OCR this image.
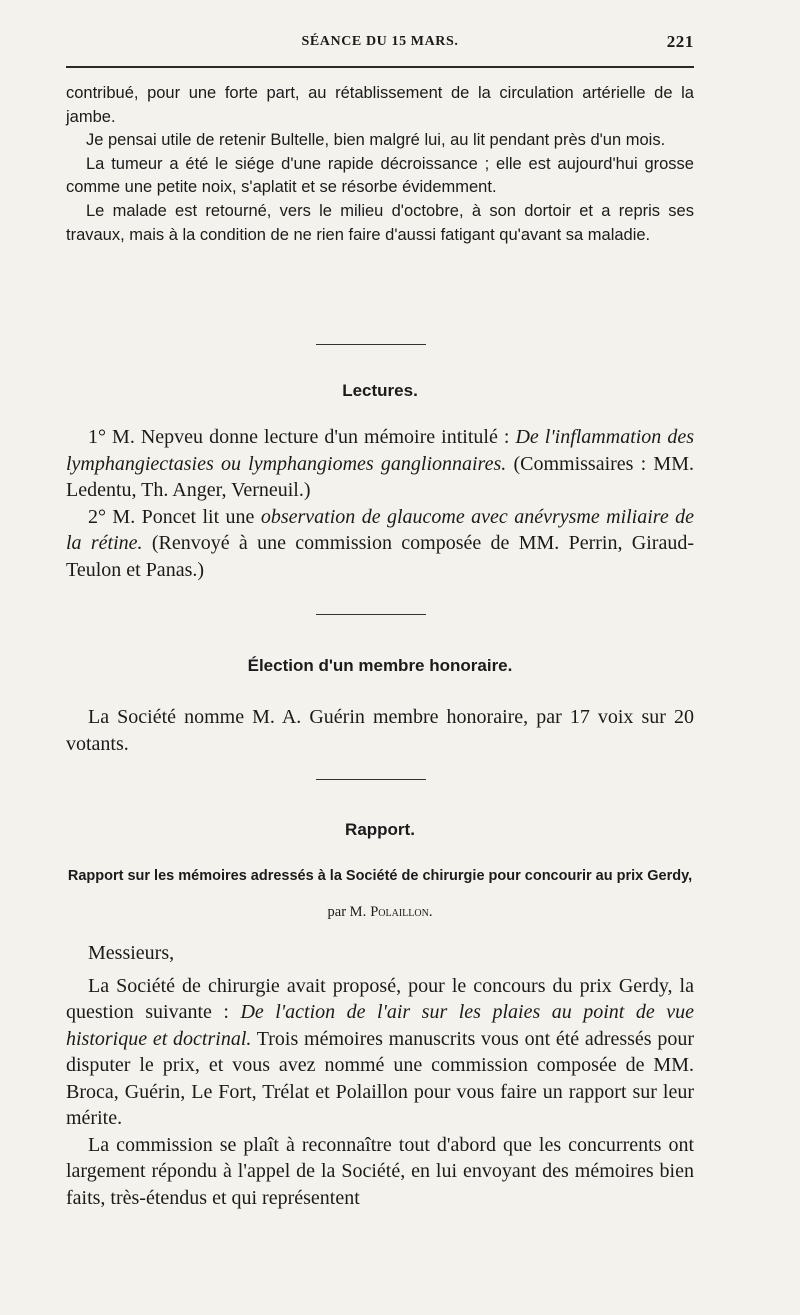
SÉANCE DU 15 MARS.	221

contribué, pour une forte part, au rétablissement de la circulation artérielle de la jambe.

Je pensai utile de retenir Bultelle, bien malgré lui, au lit pendant près d'un mois.

La tumeur a été le siége d'une rapide décroissance ; elle est aujourd'hui grosse comme une petite noix, s'aplatit et se résorbe évidemment.

Le malade est retourné, vers le milieu d'octobre, à son dortoir et a repris ses travaux, mais à la condition de ne rien faire d'aussi fatigant qu'avant sa maladie.

Lectures.

1° M. Nepveu donne lecture d'un mémoire intitulé : De l'inflammation des lymphangiectasies ou lymphangiomes ganglionnaires. (Commissaires : MM. Ledentu, Th. Anger, Verneuil.)

2° M. Poncet lit une observation de glaucome avec anévrysme miliaire de la rétine. (Renvoyé à une commission composée de MM. Perrin, Giraud-Teulon et Panas.)

Élection d'un membre honoraire.

La Société nomme M. A. Guérin membre honoraire, par 17 voix sur 20 votants.

Rapport.
Rapport sur les mémoires adressés à la Société de chirurgie pour concourir au prix Gerdy, par M. Polaillon.

Messieurs,

La Société de chirurgie avait proposé, pour le concours du prix Gerdy, la question suivante : De l'action de l'air sur les plaies au point de vue historique et doctrinal. Trois mémoires manuscrits vous ont été adressés pour disputer le prix, et vous avez nommé une commission composée de MM. Broca, Guérin, Le Fort, Trélat et Polaillon pour vous faire un rapport sur leur mérite.

La commission se plaît à reconnaître tout d'abord que les concurrents ont largement répondu à l'appel de la Société, en lui envoyant des mémoires bien faits, très-étendus et qui représentent
